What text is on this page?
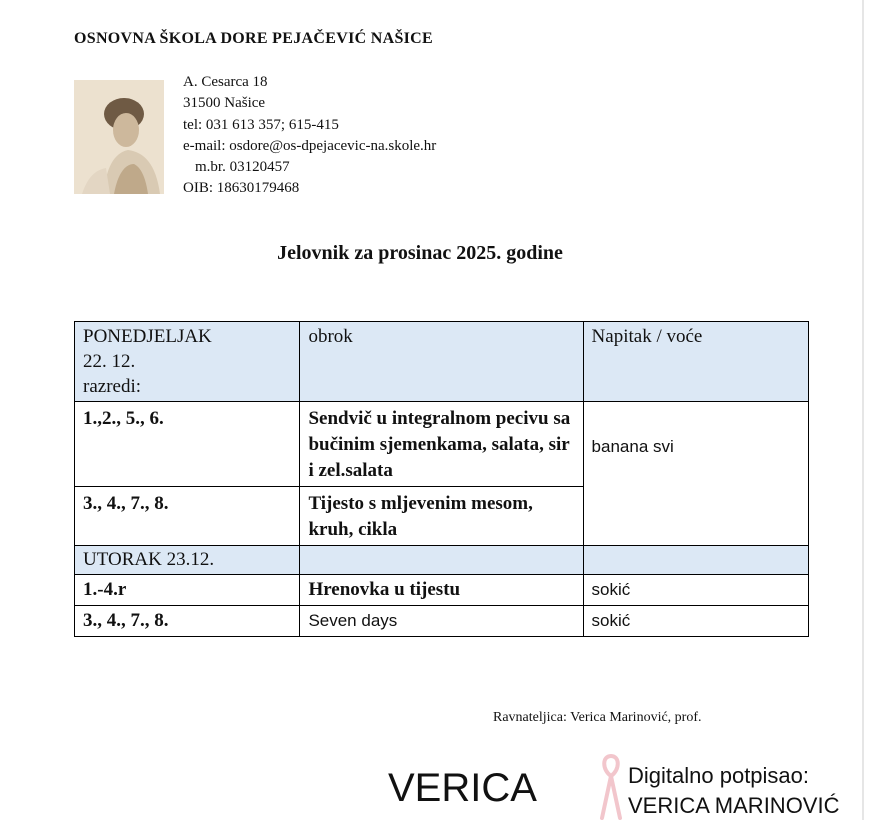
OSNOVNA ŠKOLA DORE PEJAČEVIĆ NAŠICE
A. Cesarca 18
31500 Našice
tel: 031 613 357; 615-415
e-mail: osdore@os-dpejacevic-na.skole.hr
m.br. 03120457
OIB: 18630179468
Jelovnik za prosinac 2025. godine
PONEDJELJAK
22. 12.
razredi:	obrok	Napitak / voće
1.,2., 5., 6.	Sendvič u integralnom pecivu sa bučinim sjemenkama, salata, sir i zel.salata	banana svi
3., 4., 7., 8.	Tijesto s mljevenim mesom, kruh, cikla	
UTORAK 23.12.		
1.-4.r	Hrenovka u tijestu	sokić
3., 4., 7., 8.	Seven days	sokić
Ravnateljica: Verica Marinović, prof.
VERICA	Digitalno potpisao:
VERICA MARINOVIĆ
